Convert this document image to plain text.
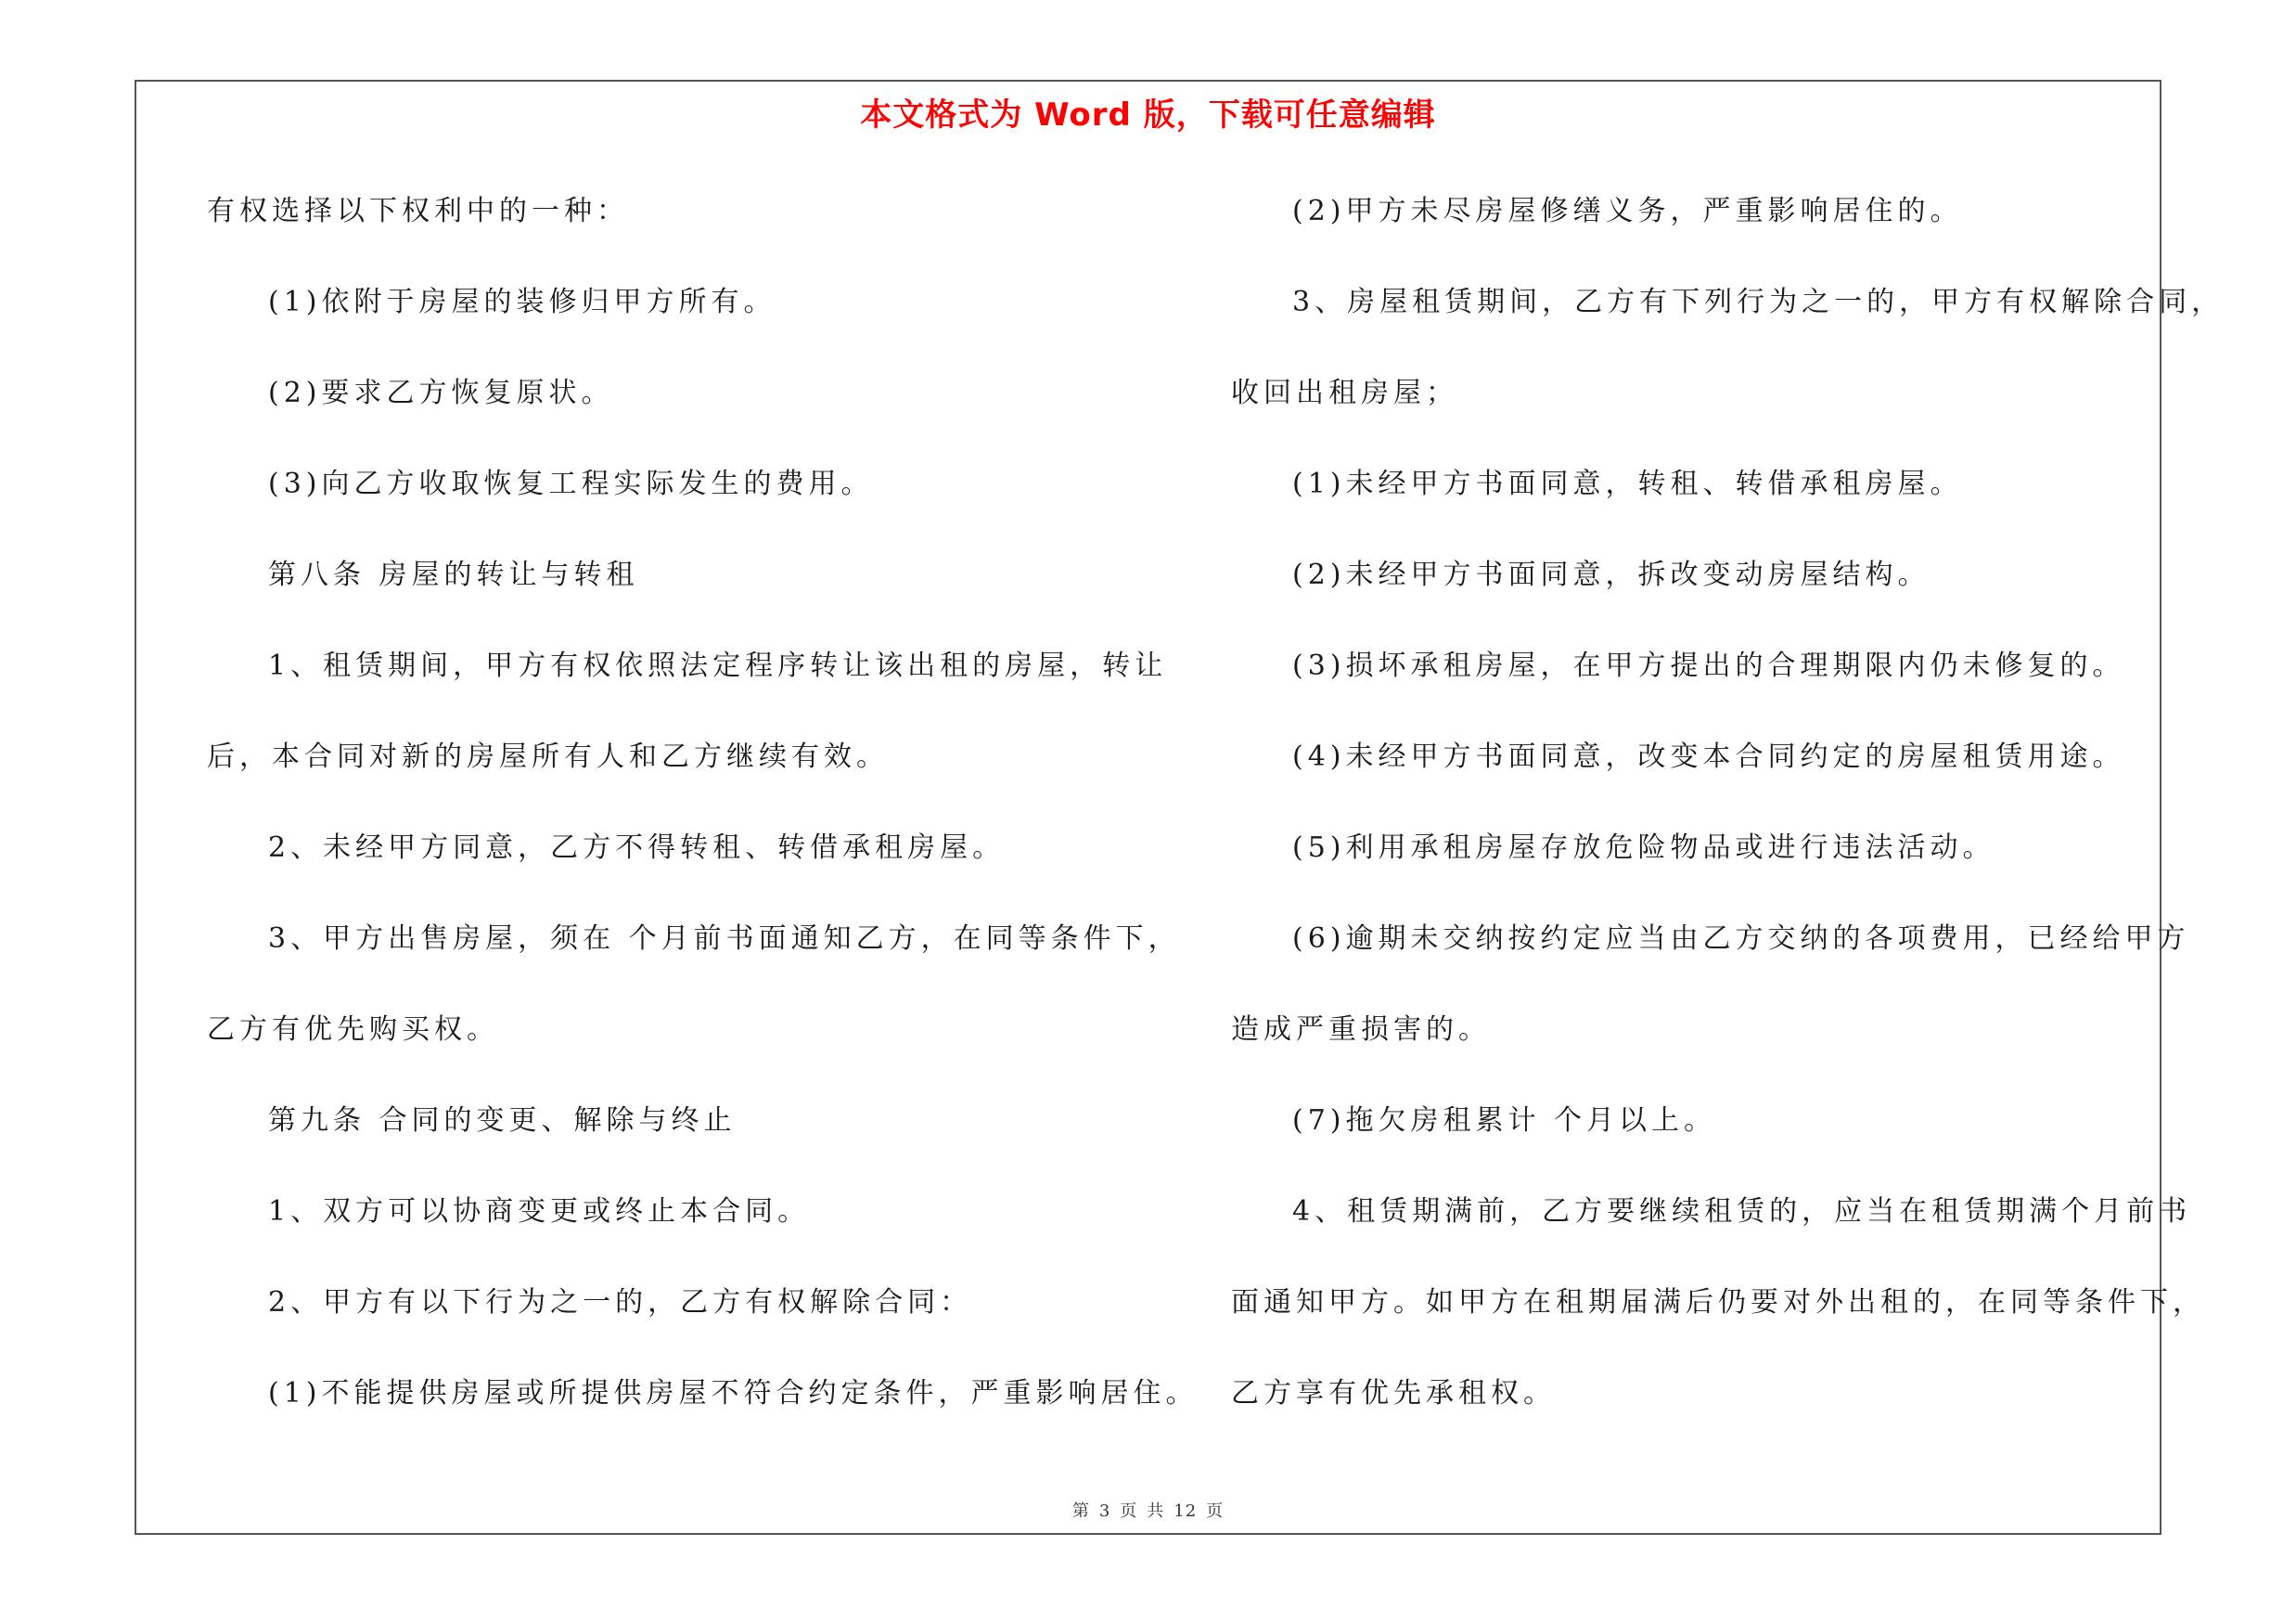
本文格式为 Word 版，下载可任意编辑
有权选择以下权利中的一种：
(1)依附于房屋的装修归甲方所有。
(2)要求乙方恢复原状。
(3)向乙方收取恢复工程实际发生的费用。
第八条 房屋的转让与转租
1、租赁期间，甲方有权依照法定程序转让该出租的房屋，转让
后，本合同对新的房屋所有人和乙方继续有效。
2、未经甲方同意，乙方不得转租、转借承租房屋。
3、甲方出售房屋，须在 个月前书面通知乙方，在同等条件下，
乙方有优先购买权。
第九条 合同的变更、解除与终止
1、双方可以协商变更或终止本合同。
2、甲方有以下行为之一的，乙方有权解除合同：
(1)不能提供房屋或所提供房屋不符合约定条件，严重影响居住。
(2)甲方未尽房屋修缮义务，严重影响居住的。
3、房屋租赁期间，乙方有下列行为之一的，甲方有权解除合同，
收回出租房屋；
(1)未经甲方书面同意，转租、转借承租房屋。
(2)未经甲方书面同意，拆改变动房屋结构。
(3)损坏承租房屋，在甲方提出的合理期限内仍未修复的。
(4)未经甲方书面同意，改变本合同约定的房屋租赁用途。
(5)利用承租房屋存放危险物品或进行违法活动。
(6)逾期未交纳按约定应当由乙方交纳的各项费用，已经给甲方
造成严重损害的。
(7)拖欠房租累计 个月以上。
4、租赁期满前，乙方要继续租赁的，应当在租赁期满个月前书
面通知甲方。如甲方在租期届满后仍要对外出租的，在同等条件下，
乙方享有优先承租权。
第 3 页 共 12 页
